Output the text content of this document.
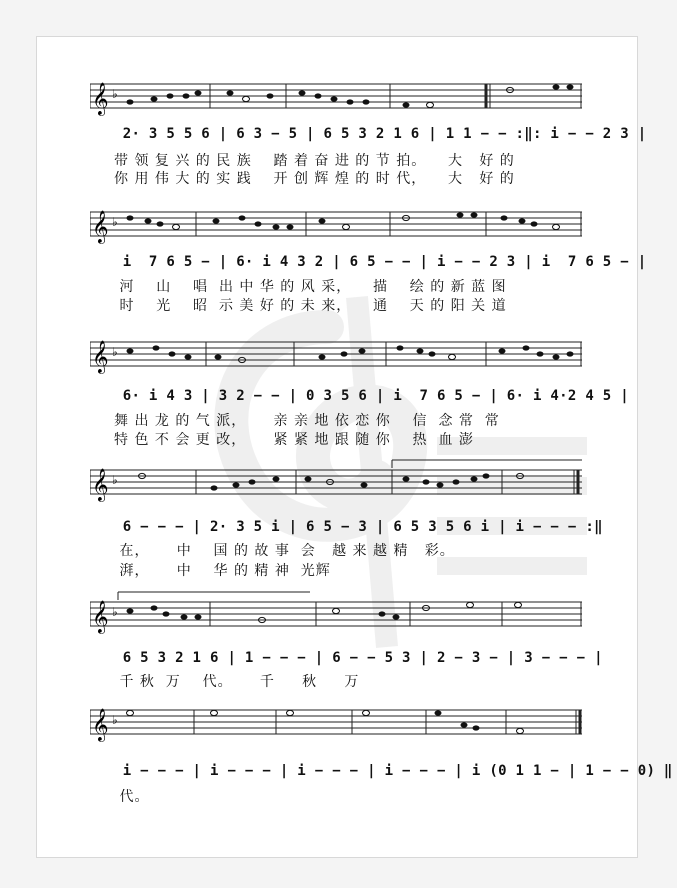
𝄞 ♭
2· 3 5 5 6 | 6 3 − 5 | 6 5 3 2 1 6 | 1 1 − − :‖: i − − 2 3 |
带 领 复 兴 的 民 族    踏 着 奋 进 的 节 拍。    大   好 的
你 用 伟 大 的 实 践    开 创 辉 煌 的 时 代，    大   好 的
𝄞 ♭
i  7 6 5 − | 6· i 4 3 2 | 6 5 − − | i − − 2 3 | i  7 6 5 − |
河    山    唱  出 中 华 的 风 采，    描    绘 的 新 蓝 图
时    光    昭  示 美 好 的 未 来，    通    天 的 阳 关 道
𝄞 ♭
6· i 4 3 | 3 2 − − | 0 3 5 6 | i  7 6 5 − | 6· i 4·2 4 5 |
舞 出 龙 的 气 派，     亲 亲 地 依 恋 你    信  念 常  常
特 色 不 会 更 改，     紧 紧 地 跟 随 你    热  血 澎
𝄞 ♭
6 − − − | 2· 3 5 i | 6 5 − 3 | 6 5 3 5 6 i | i − − − :‖
在，     中    国 的 故 事  会   越 来 越 精   彩。
湃，     中    华 的 精 神  光辉
𝄞 ♭
6 5 3 2 1 6 | 1 − − − | 6 − − 5 3 | 2 − 3 − | 3 − − − |
千 秋  万    代。     千     秋     万
𝄞 ♭
i − − − | i − − − | i − − − | i − − − | i (0 1 1 − | 1 − − 0) ‖
代。
